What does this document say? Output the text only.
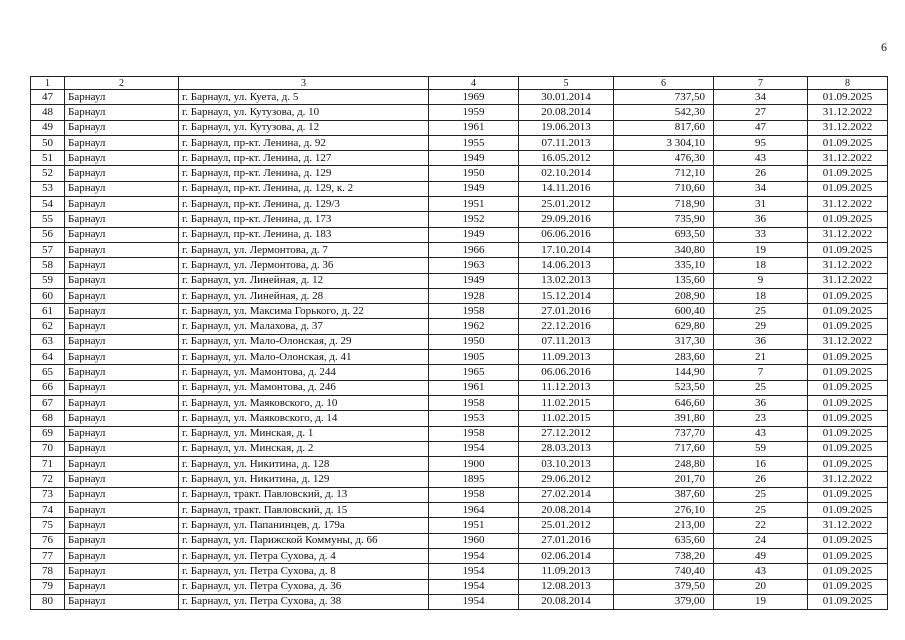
6
1	2	3	4	5	6	7	8
47	Барнаул	г. Барнаул, ул. Куета, д. 5	1969	30.01.2014	737,50	34	01.09.2025
48	Барнаул	г. Барнаул, ул. Кутузова, д. 10	1959	20.08.2014	542,30	27	31.12.2022
49	Барнаул	г. Барнаул, ул. Кутузова, д. 12	1961	19.06.2013	817,60	47	31.12.2022
50	Барнаул	г. Барнаул, пр-кт. Ленина, д. 92	1955	07.11.2013	3 304,10	95	01.09.2025
51	Барнаул	г. Барнаул, пр-кт. Ленина, д. 127	1949	16.05.2012	476,30	43	31.12.2022
52	Барнаул	г. Барнаул, пр-кт. Ленина, д. 129	1950	02.10.2014	712,10	26	01.09.2025
53	Барнаул	г. Барнаул, пр-кт. Ленина, д. 129, к. 2	1949	14.11.2016	710,60	34	01.09.2025
54	Барнаул	г. Барнаул, пр-кт. Ленина, д. 129/3	1951	25.01.2012	718,90	31	31.12.2022
55	Барнаул	г. Барнаул, пр-кт. Ленина, д. 173	1952	29.09.2016	735,90	36	01.09.2025
56	Барнаул	г. Барнаул, пр-кт. Ленина, д. 183	1949	06.06.2016	693,50	33	31.12.2022
57	Барнаул	г. Барнаул, ул. Лермонтова, д. 7	1966	17.10.2014	340,80	19	01.09.2025
58	Барнаул	г. Барнаул, ул. Лермонтова, д. 36	1963	14.06.2013	335,10	18	31.12.2022
59	Барнаул	г. Барнаул, ул. Линейная, д. 12	1949	13.02.2013	135,60	9	31.12.2022
60	Барнаул	г. Барнаул, ул. Линейная, д. 28	1928	15.12.2014	208,90	18	01.09.2025
61	Барнаул	г. Барнаул, ул. Максима Горького, д. 22	1958	27.01.2016	600,40	25	01.09.2025
62	Барнаул	г. Барнаул, ул. Малахова, д. 37	1962	22.12.2016	629,80	29	01.09.2025
63	Барнаул	г. Барнаул, ул. Мало-Олонская, д. 29	1950	07.11.2013	317,30	36	31.12.2022
64	Барнаул	г. Барнаул, ул. Мало-Олонская, д. 41	1905	11.09.2013	283,60	21	01.09.2025
65	Барнаул	г. Барнаул, ул. Мамонтова, д. 244	1965	06.06.2016	144,90	7	01.09.2025
66	Барнаул	г. Барнаул, ул. Мамонтова, д. 246	1961	11.12.2013	523,50	25	01.09.2025
67	Барнаул	г. Барнаул, ул. Маяковского, д. 10	1958	11.02.2015	646,60	36	01.09.2025
68	Барнаул	г. Барнаул, ул. Маяковского, д. 14	1953	11.02.2015	391,80	23	01.09.2025
69	Барнаул	г. Барнаул, ул. Минская, д. 1	1958	27.12.2012	737,70	43	01.09.2025
70	Барнаул	г. Барнаул, ул. Минская, д. 2	1954	28.03.2013	717,60	59	01.09.2025
71	Барнаул	г. Барнаул, ул. Никитина, д. 128	1900	03.10.2013	248,80	16	01.09.2025
72	Барнаул	г. Барнаул, ул. Никитина, д. 129	1895	29.06.2012	201,70	26	31.12.2022
73	Барнаул	г. Барнаул, тракт. Павловский, д. 13	1958	27.02.2014	387,60	25	01.09.2025
74	Барнаул	г. Барнаул, тракт. Павловский, д. 15	1964	20.08.2014	276,10	25	01.09.2025
75	Барнаул	г. Барнаул, ул. Папанинцев, д. 179а	1951	25.01.2012	213,00	22	31.12.2022
76	Барнаул	г. Барнаул, ул. Парижской Коммуны, д. 66	1960	27.01.2016	635,60	24	01.09.2025
77	Барнаул	г. Барнаул, ул. Петра Сухова, д. 4	1954	02.06.2014	738,20	49	01.09.2025
78	Барнаул	г. Барнаул, ул. Петра Сухова, д. 8	1954	11.09.2013	740,40	43	01.09.2025
79	Барнаул	г. Барнаул, ул. Петра Сухова, д. 36	1954	12.08.2013	379,50	20	01.09.2025
80	Барнаул	г. Барнаул, ул. Петра Сухова, д. 38	1954	20.08.2014	379,00	19	01.09.2025
